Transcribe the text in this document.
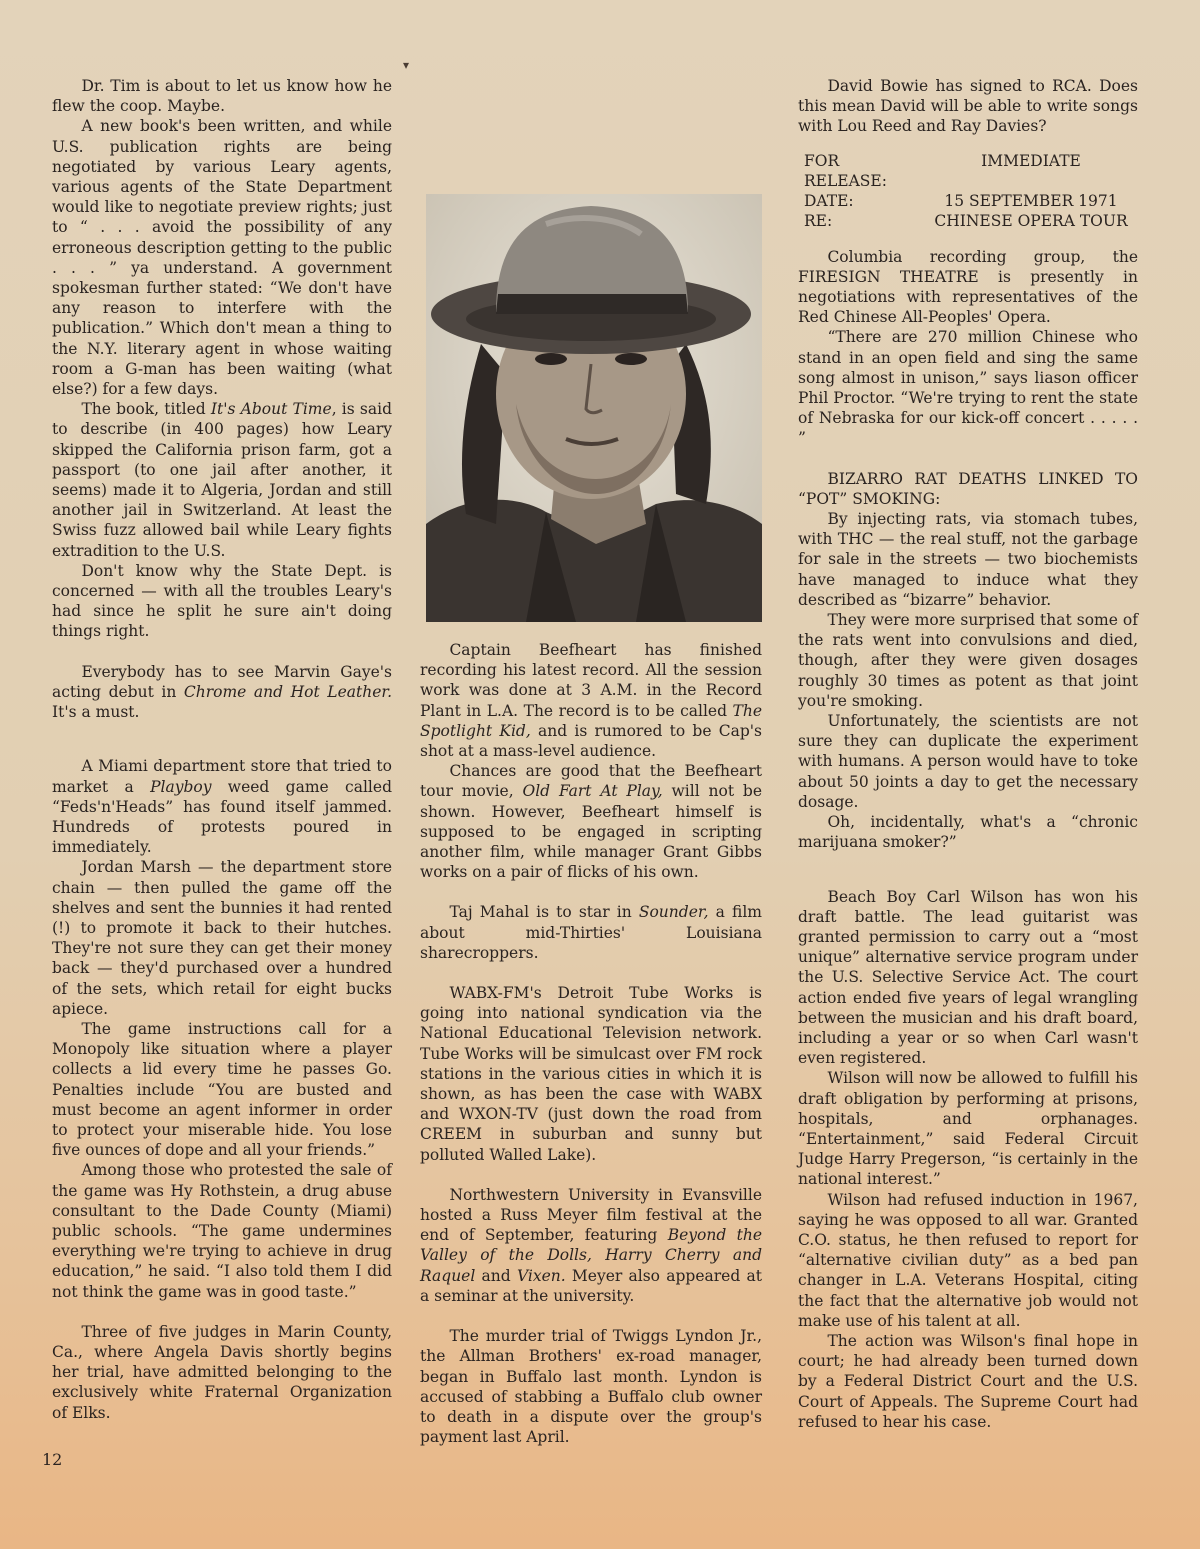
▾

Dr. Tim is about to let us know how he flew the coop. Maybe.

A new book's been written, and while U.S. publication rights are being negotiated by various Leary agents, various agents of the State Department would like to negotiate preview rights; just to “ . . . avoid the possibility of any erroneous description getting to the public . . . ” ya understand. A government spokesman further stated: “We don't have any reason to interfere with the publication.” Which don't mean a thing to the N.Y. literary agent in whose waiting room a G-man has been waiting (what else?) for a few days.

The book, titled It's About Time, is said to describe (in 400 pages) how Leary skipped the California prison farm, got a passport (to one jail after another, it seems) made it to Algeria, Jordan and still another jail in Switzerland. At least the Swiss fuzz allowed bail while Leary fights extradition to the U.S.

Don't know why the State Dept. is concerned — with all the troubles Leary's had since he split he sure ain't doing things right.

Everybody has to see Marvin Gaye's acting debut in Chrome and Hot Leather. It's a must.

A Miami department store that tried to market a Playboy weed game called “Feds'n'Heads” has found itself jammed. Hundreds of protests poured in immediately.

Jordan Marsh — the department store chain — then pulled the game off the shelves and sent the bunnies it had rented (!) to promote it back to their hutches. They're not sure they can get their money back — they'd purchased over a hundred of the sets, which retail for eight bucks apiece.

The game instructions call for a Monopoly like situation where a player collects a lid every time he passes Go. Penalties include “You are busted and must become an agent informer in order to protect your miserable hide. You lose five ounces of dope and all your friends.”

Among those who protested the sale of the game was Hy Rothstein, a drug abuse consultant to the Dade County (Miami) public schools. “The game undermines everything we're trying to achieve in drug education,” he said. “I also told them I did not think the game was in good taste.”

Three of five judges in Marin County, Ca., where Angela Davis shortly begins her trial, have admitted belonging to the exclusively white Fraternal Organization of Elks.

Captain Beefheart has finished recording his latest record. All the session work was done at 3 A.M. in the Record Plant in L.A. The record is to be called The Spotlight Kid, and is rumored to be Cap's shot at a mass-level audience.

Chances are good that the Beefheart tour movie, Old Fart At Play, will not be shown. However, Beefheart himself is supposed to be engaged in scripting another film, while manager Grant Gibbs works on a pair of flicks of his own.

Taj Mahal is to star in Sounder, a film about mid-Thirties' Louisiana sharecroppers.

WABX-FM's Detroit Tube Works is going into national syndication via the National Educational Television network. Tube Works will be simulcast over FM rock stations in the various cities in which it is shown, as has been the case with WABX and WXON-TV (just down the road from CREEM in suburban and sunny but polluted Walled Lake).

Northwestern University in Evansville hosted a Russ Meyer film festival at the end of September, featuring Beyond the Valley of the Dolls, Harry Cherry and Raquel and Vixen. Meyer also appeared at a seminar at the university.

The murder trial of Twiggs Lyndon Jr., the Allman Brothers' ex-road manager, began in Buffalo last month. Lyndon is accused of stabbing a Buffalo club owner to death in a dispute over the group's payment last April.

David Bowie has signed to RCA. Does this mean David will be able to write songs with Lou Reed and Ray Davies?

FOR RELEASE:
IMMEDIATE
DATE:	15 SEPTEMBER 1971
RE:	CHINESE OPERA TOUR

Columbia recording group, the FIRESIGN THEATRE is presently in negotiations with representatives of the Red Chinese All-Peoples' Opera.

“There are 270 million Chinese who stand in an open field and sing the same song almost in unison,” says liason officer Phil Proctor. “We're trying to rent the state of Nebraska for our kick-off concert . . . . . ”

BIZARRO RAT DEATHS LINKED TO “POT” SMOKING:

By injecting rats, via stomach tubes, with THC — the real stuff, not the garbage for sale in the streets — two biochemists have managed to induce what they described as “bizarre” behavior.

They were more surprised that some of the rats went into convulsions and died, though, after they were given dosages roughly 30 times as potent as that joint you're smoking.

Unfortunately, the scientists are not sure they can duplicate the experiment with humans. A person would have to toke about 50 joints a day to get the necessary dosage.

Oh, incidentally, what's a “chronic marijuana smoker?”

Beach Boy Carl Wilson has won his draft battle. The lead guitarist was granted permission to carry out a “most unique” alternative service program under the U.S. Selective Service Act. The court action ended five years of legal wrangling between the musician and his draft board, including a year or so when Carl wasn't even registered.

Wilson will now be allowed to fulfill his draft obligation by performing at prisons, hospitals, and orphanages. “Entertainment,” said Federal Circuit Judge Harry Pregerson, “is certainly in the national interest.”

Wilson had refused induction in 1967, saying he was opposed to all war. Granted C.O. status, he then refused to report for “alternative civilian duty” as a bed pan changer in L.A. Veterans Hospital, citing the fact that the alternative job would not make use of his talent at all.

The action was Wilson's final hope in court; he had already been turned down by a Federal District Court and the U.S. Court of Appeals. The Supreme Court had refused to hear his case.

12
